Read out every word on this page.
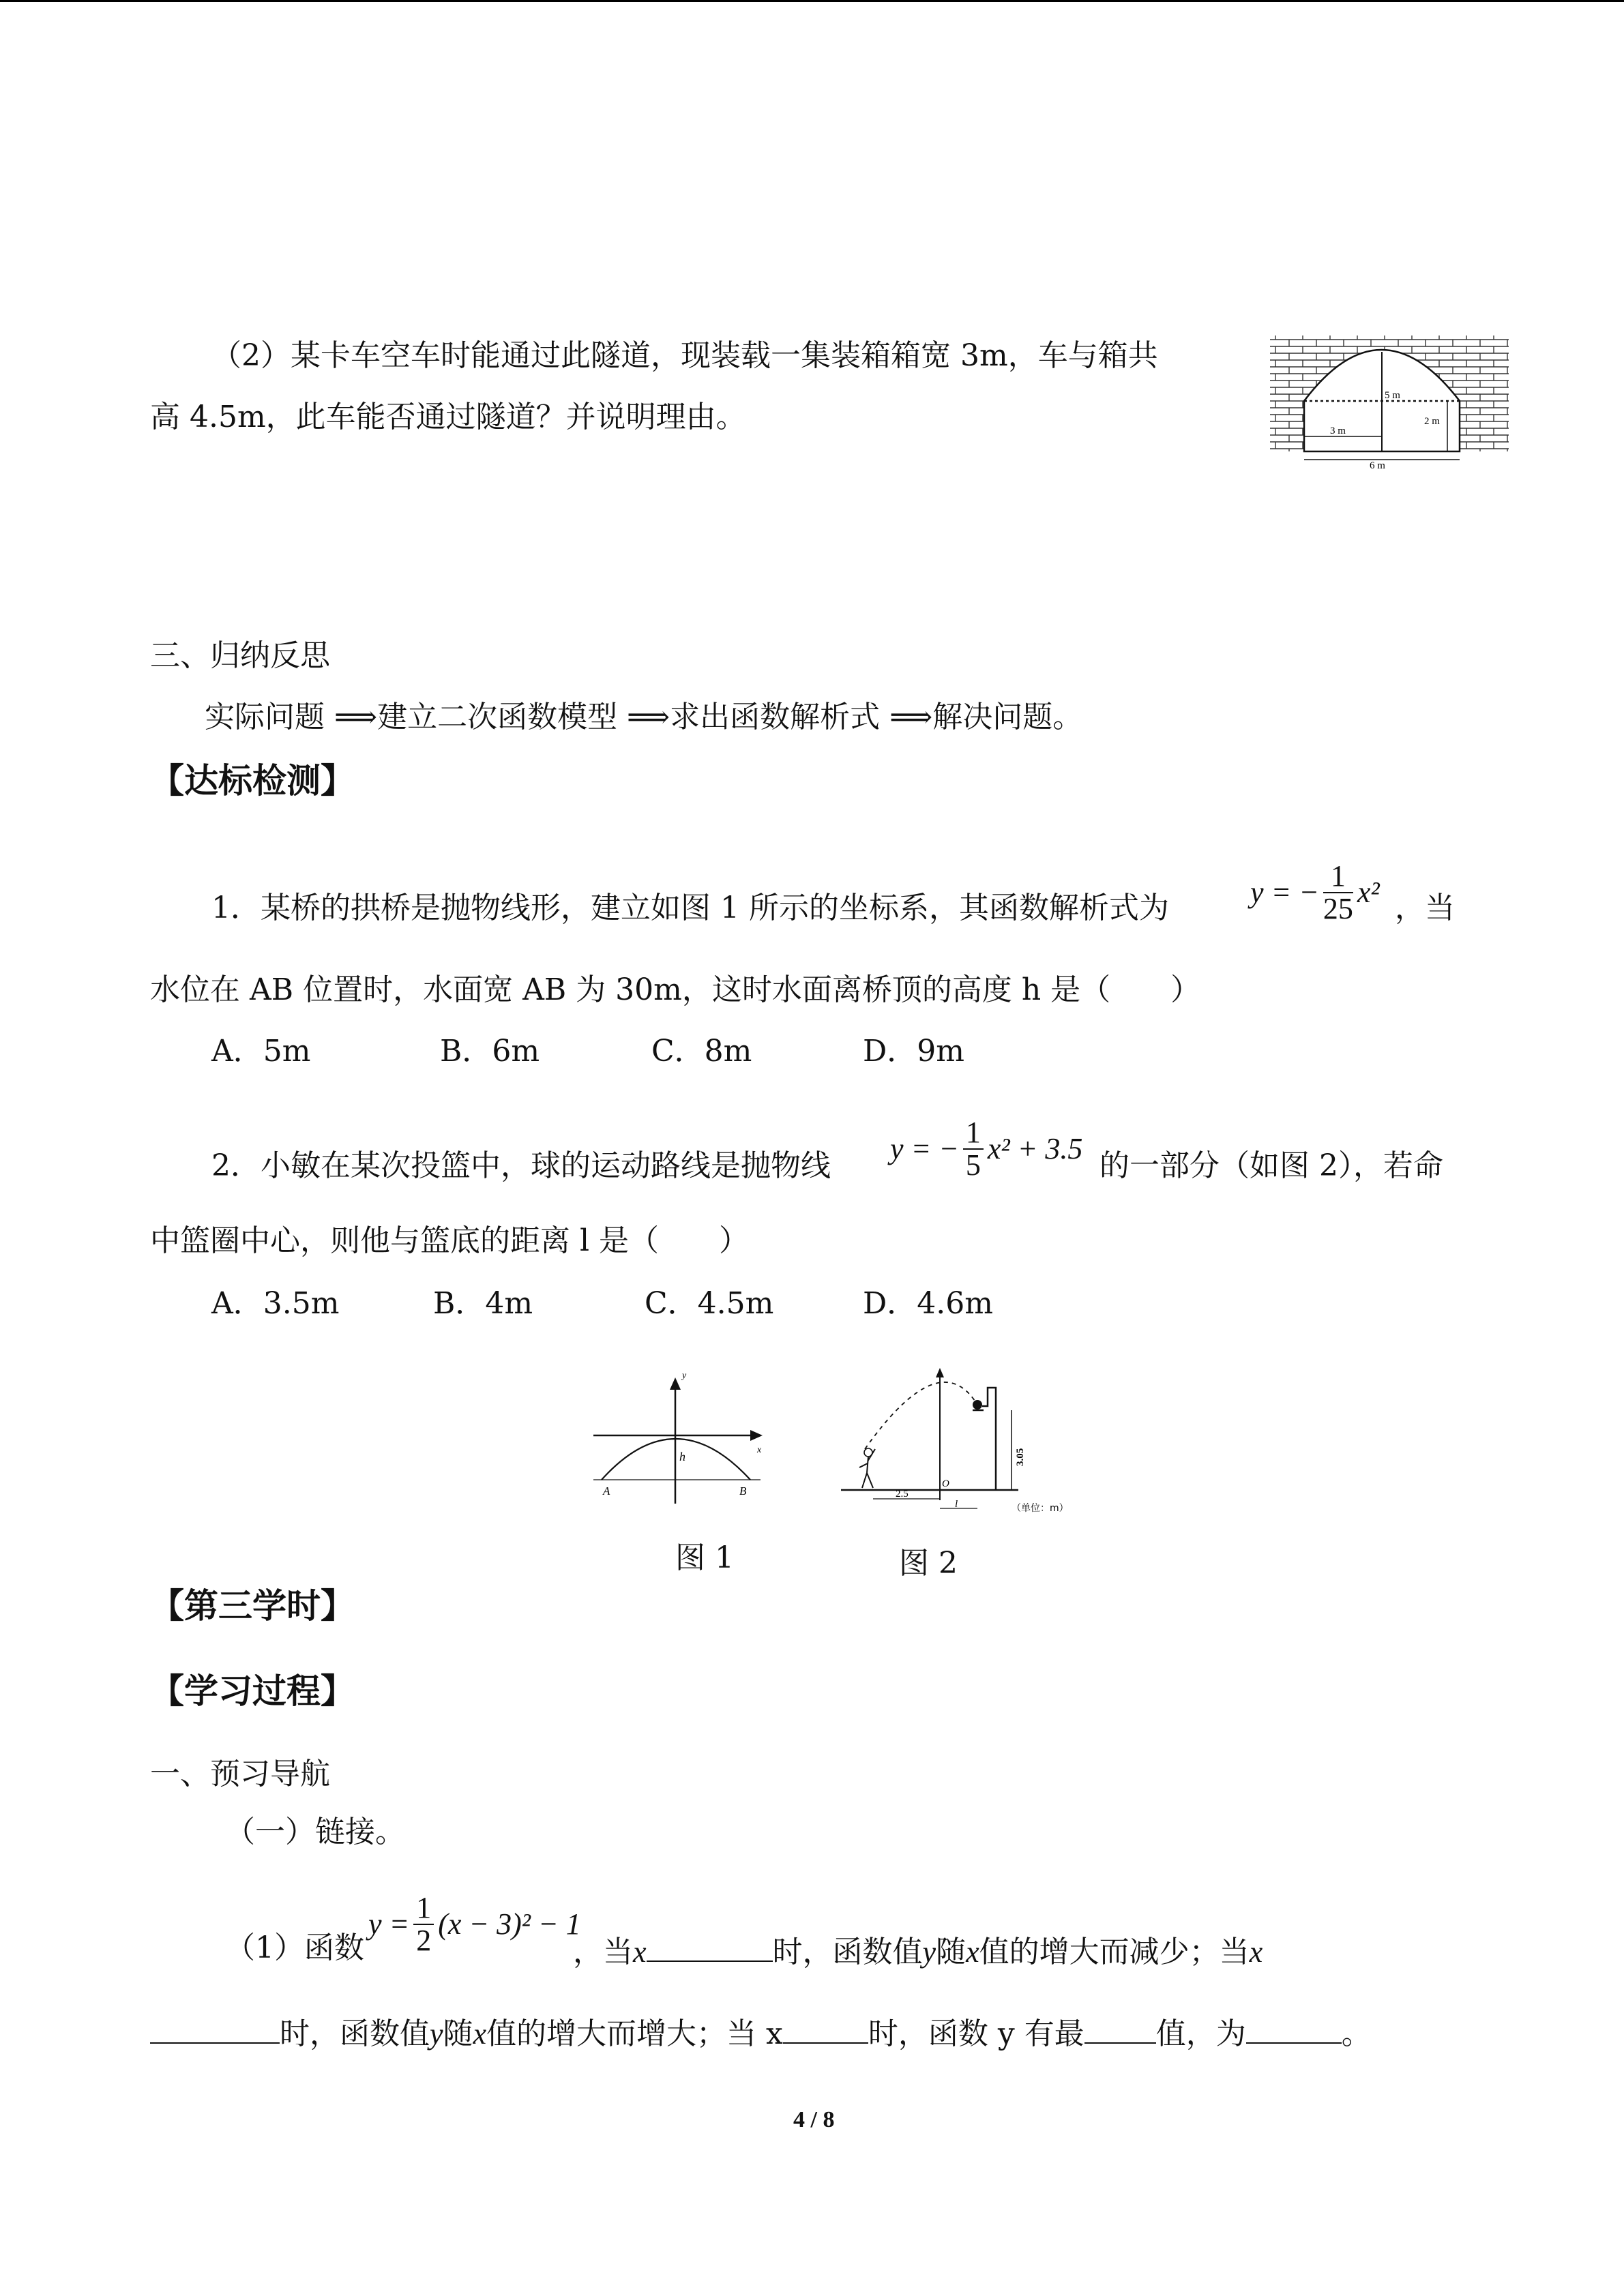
（2）某卡车空车时能通过此隧道，现装载一集装箱箱宽 3m，车与箱共
高 4.5m，此车能否通过隧道？并说明理由。
5 m
2 m
3 m
6 m
三、归纳反思
实际问题 ⟹建立二次函数模型 ⟹求出函数解析式 ⟹解决问题。
【达标检测】
1．某桥的拱桥是抛物线形，建立如图 1 所示的坐标系，其函数解析式为	y = − $\frac{1}{25} x^2$ ，当
水位在 AB 位置时，水面宽 AB 为 30m，这时水面离桥顶的高度 h 是（　　）
A．5m	B．6m	C．8m	D．9m
2．小敏在某次投篮中，球的运动路线是抛物线 y = − $\frac{1}{5} x^2 + 3.5$ 的一部分（如图 2），若命
中篮圈中心，则他与篮底的距离 l 是（　　）
A．3.5m	B．4m	C．4.5m	D．4.6m
y
x
h
A	B
图 1
3.05
2.5
l
O
（单位：m）
图 2
【第三学时】
【学习过程】
一、预习导航
（一）链接。
（1）函数
$y = \frac{1}{2} (x - 3)^2 - 1$
，当x	时，函数值y随x值的增大而减少；当x
时，函数值y随x值的增大而增大；当 x	时，函数 y 有最 值，为	。
4 / 8
